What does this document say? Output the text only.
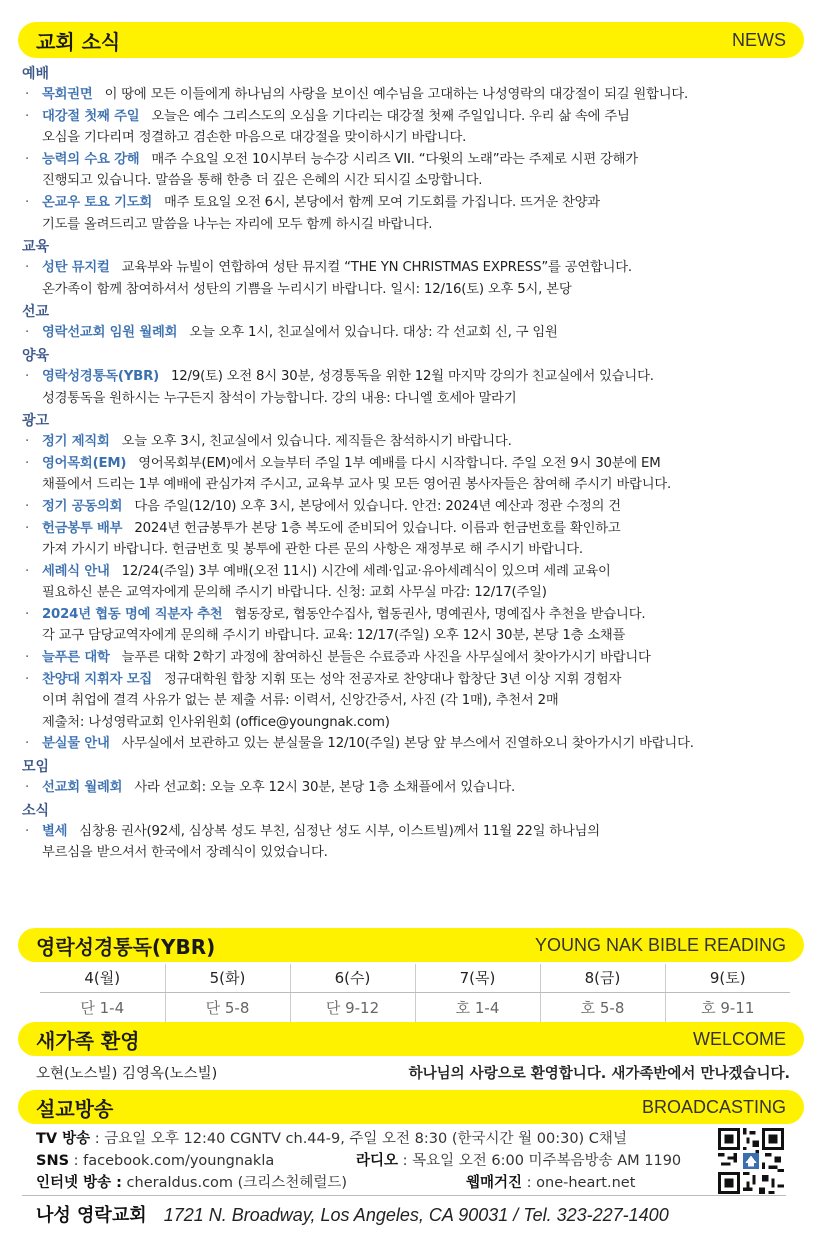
교회 소식	NEWS
예배
· 목회권면 이 땅에 모든 이들에게 하나님의 사랑을 보이신 예수님을 고대하는 나성영락의 대강절이 되길 원합니다.
· 대강절 첫째 주일 오늘은 예수 그리스도의 오심을 기다리는 대강절 첫째 주일입니다. 우리 삶 속에 주님
오심을 기다리며 정결하고 겸손한 마음으로 대강절을 맞이하시기 바랍니다.
· 능력의 수요 강해 매주 수요일 오전 10시부터 능수강 시리즈 VII. “다윗의 노래”라는 주제로 시편 강해가
진행되고 있습니다. 말씀을 통해 한층 더 깊은 은혜의 시간 되시길 소망합니다.
· 온교우 토요 기도회 매주 토요일 오전 6시, 본당에서 함께 모여 기도회를 가집니다. 뜨거운 찬양과
기도를 올려드리고 말씀을 나누는 자리에 모두 함께 하시길 바랍니다.
교육
· 성탄 뮤지컬 교육부와 뉴빌이 연합하여 성탄 뮤지컬 “THE YN CHRISTMAS EXPRESS”를 공연합니다.
온가족이 함께 참여하셔서 성탄의 기쁨을 누리시기 바랍니다. 일시: 12/16(토) 오후 5시, 본당
선교
· 영락선교회 임원 월례회 오늘 오후 1시, 친교실에서 있습니다. 대상: 각 선교회 신, 구 임원
양육
· 영락성경통독(YBR) 12/9(토) 오전 8시 30분, 성경통독을 위한 12월 마지막 강의가 친교실에서 있습니다.
성경통독을 원하시는 누구든지 참석이 가능합니다. 강의 내용: 다니엘 호세아 말라기
광고
· 정기 제직회 오늘 오후 3시, 친교실에서 있습니다. 제직들은 참석하시기 바랍니다.
· 영어목회(EM) 영어목회부(EM)에서 오늘부터 주일 1부 예배를 다시 시작합니다. 주일 오전 9시 30분에 EM
채플에서 드리는 1부 예배에 관심가져 주시고, 교육부 교사 및 모든 영어권 봉사자들은 참여해 주시기 바랍니다.
· 정기 공동의회 다음 주일(12/10) 오후 3시, 본당에서 있습니다. 안건: 2024년 예산과 정관 수정의 건
· 헌금봉투 배부 2024년 헌금봉투가 본당 1층 복도에 준비되어 있습니다. 이름과 헌금번호를 확인하고
가져 가시기 바랍니다. 헌금번호 및 봉투에 관한 다른 문의 사항은 재정부로 해 주시기 바랍니다.
· 세례식 안내 12/24(주일) 3부 예배(오전 11시) 시간에 세례·입교·유아세례식이 있으며 세례 교육이
필요하신 분은 교역자에게 문의해 주시기 바랍니다. 신청: 교회 사무실 마감: 12/17(주일)
· 2024년 협동 명예 직분자 추천 협동장로, 협동안수집사, 협동권사, 명예권사, 명예집사 추천을 받습니다.
각 교구 담당교역자에게 문의해 주시기 바랍니다. 교육: 12/17(주일) 오후 12시 30분, 본당 1층 소채플
· 늘푸른 대학 늘푸른 대학 2학기 과정에 참여하신 분들은 수료증과 사진을 사무실에서 찾아가시기 바랍니다
· 찬양대 지휘자 모집 정규대학원 합창 지휘 또는 성악 전공자로 찬양대나 합창단 3년 이상 지휘 경험자
이며 취업에 결격 사유가 없는 분 제출 서류: 이력서, 신앙간증서, 사진 (각 1매), 추천서 2매
제출처: 나성영락교회 인사위원회 (office@youngnak.com)
· 분실물 안내 사무실에서 보관하고 있는 분실물을 12/10(주일) 본당 앞 부스에서 진열하오니 찾아가시기 바랍니다.
모임
· 선교회 월례회 사라 선교회: 오늘 오후 12시 30분, 본당 1층 소채플에서 있습니다.
소식
· 별세 심창용 권사(92세, 심상복 성도 부친, 심정난 성도 시부, 이스트빌)께서 11월 22일 하나님의
부르심을 받으셔서 한국에서 장례식이 있었습니다.
영락성경통독(YBR)	YOUNG NAK BIBLE READING
4(월)	5(화)	6(수)	7(목)	8(금)	9(토)
단 1-4	단 5-8	단 9-12	호 1-4	호 5-8	호 9-11
새가족 환영	WELCOME
오현(노스빌) 김영옥(노스빌)	하나님의 사랑으로 환영합니다. 새가족반에서 만나겠습니다.
설교방송	BROADCASTING
TV 방송 : 금요일 오후 12:40 CGNTV ch.44-9, 주일 오전 8:30 (한국시간 월 00:30) C채널
SNS : facebook.com/youngnakla	라디오 : 목요일 오전 6:00 미주복음방송 AM 1190
인터넷 방송 : cheraldus.com (크리스천헤럴드)	웹매거진 : one-heart.net
나성 영락교회 1721 N. Broadway, Los Angeles, CA 90031 / Tel. 323-227-1400
